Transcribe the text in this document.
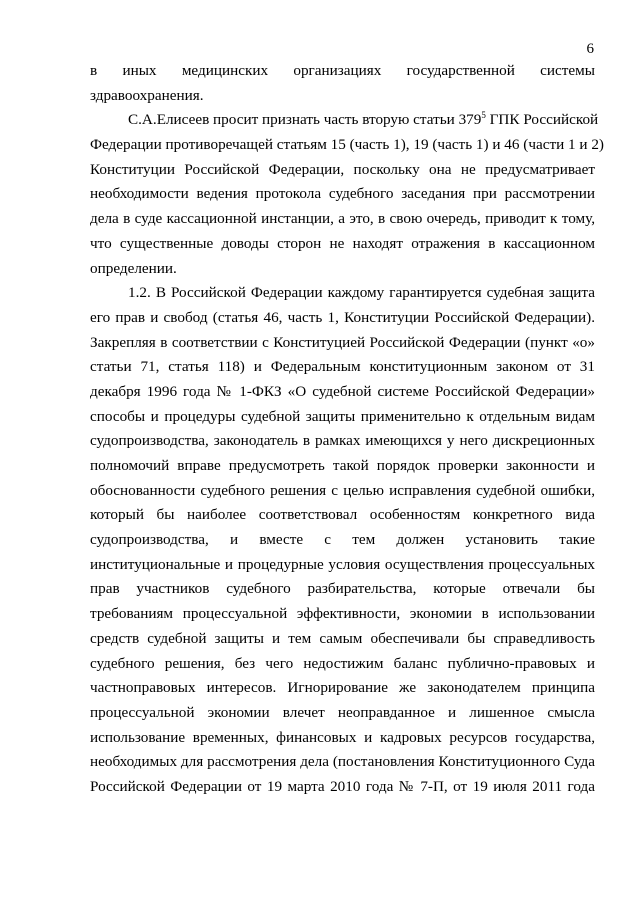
6
в иных медицинских организациях государственной системы
здравоохранения.
С.А.Елисеев просит признать часть вторую статьи $379^5$ ГПК Российской
Федерации противоречащей статьям 15 (часть 1), 19 (часть 1) и 46 (части 1 и 2)
Конституции Российской Федерации, поскольку она не предусматривает
необходимости ведения протокола судебного заседания при рассмотрении
дела в суде кассационной инстанции, а это, в свою очередь, приводит к тому,
что существенные доводы сторон не находят отражения в кассационном
определении.
1.2. В Российской Федерации каждому гарантируется судебная защита
его прав и свобод (статья 46, часть 1, Конституции Российской Федерации).
Закрепляя в соответствии с Конституцией Российской Федерации (пункт «о»
статьи 71, статья 118) и Федеральным конституционным законом от 31
декабря 1996 года № 1-ФКЗ «О судебной системе Российской Федерации»
способы и процедуры судебной защиты применительно к отдельным видам
судопроизводства, законодатель в рамках имеющихся у него дискреционных
полномочий вправе предусмотреть такой порядок проверки законности и
обоснованности судебного решения с целью исправления судебной ошибки,
который бы наиболее соответствовал особенностям конкретного вида
судопроизводства, и вместе с тем должен установить такие
институциональные и процедурные условия осуществления процессуальных
прав участников судебного разбирательства, которые отвечали бы
требованиям процессуальной эффективности, экономии в использовании
средств судебной защиты и тем самым обеспечивали бы справедливость
судебного решения, без чего недостижим баланс публично-правовых и
частноправовых интересов. Игнорирование же законодателем принципа
процессуальной экономии влечет неоправданное и лишенное смысла
использование временных, финансовых и кадровых ресурсов государства,
необходимых для рассмотрения дела (постановления Конституционного Суда
Российской Федерации от 19 марта 2010 года № 7-П, от 19 июля 2011 года
